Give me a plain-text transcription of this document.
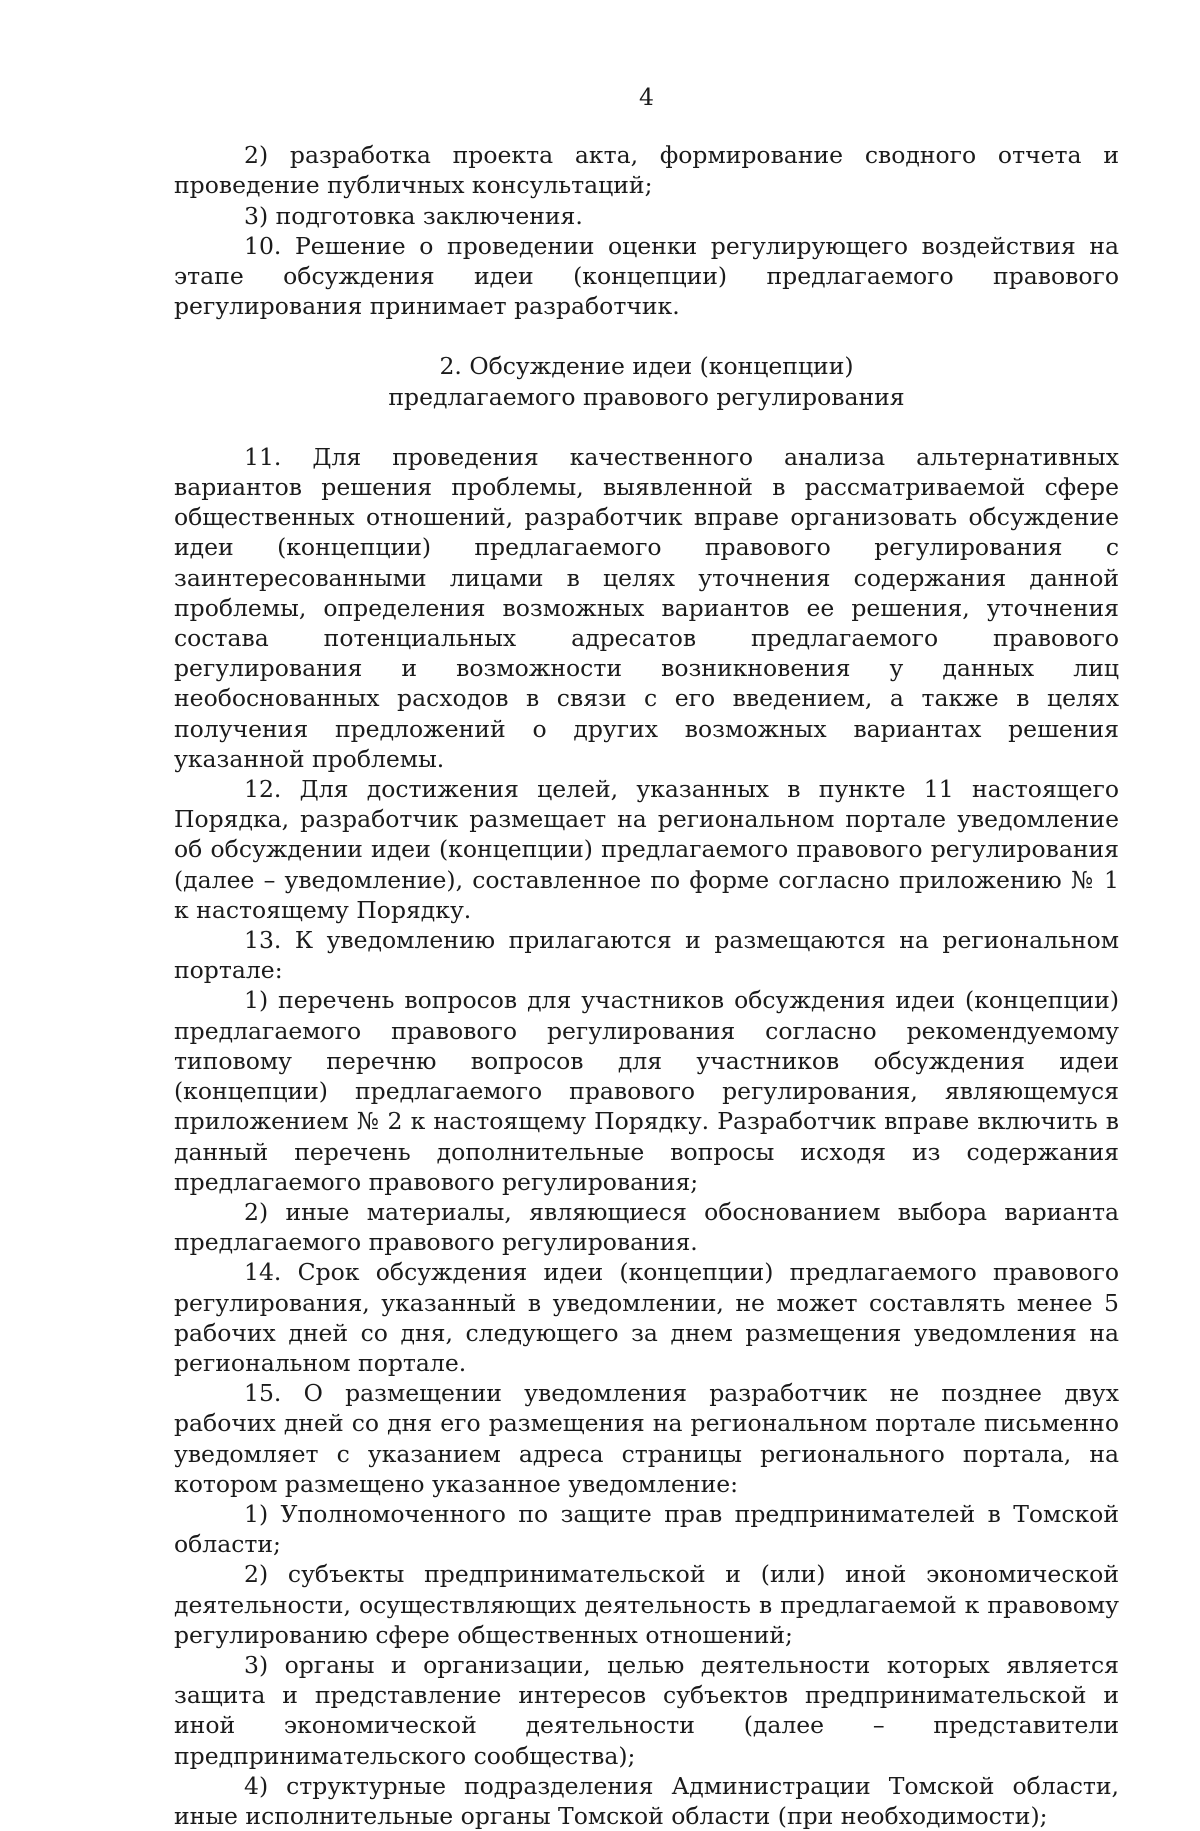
4

2) разработка проекта акта, формирование сводного отчета и проведение публичных консультаций;

3) подготовка заключения.

10. Решение о проведении оценки регулирующего воздействия на этапе обсуждения идеи (концепции) предлагаемого правового регулирования принимает разработчик.

2. Обсуждение идеи (концепции)
предлагаемого правового регулирования

11. Для проведения качественного анализа альтернативных вариантов решения проблемы, выявленной в рассматриваемой сфере общественных отношений, разработчик вправе организовать обсуждение идеи (концепции) предлагаемого правового регулирования с заинтересованными лицами в целях уточнения содержания данной проблемы, определения возможных вариантов ее решения, уточнения состава потенциальных адресатов предлагаемого правового регулирования и возможности возникновения у данных лиц необоснованных расходов в связи с его введением, а также в целях получения предложений о других возможных вариантах решения указанной проблемы.

12. Для достижения целей, указанных в пункте 11 настоящего Порядка, разработчик размещает на региональном портале уведомление об обсуждении идеи (концепции) предлагаемого правового регулирования (далее – уведомление), составленное по форме согласно приложению № 1 к настоящему Порядку.

13. К уведомлению прилагаются и размещаются на региональном портале:

1) перечень вопросов для участников обсуждения идеи (концепции) предлагаемого правового регулирования согласно рекомендуемому типовому перечню вопросов для участников обсуждения идеи (концепции) предлагаемого правового регулирования, являющемуся приложением № 2 к настоящему Порядку. Разработчик вправе включить в данный перечень дополнительные вопросы исходя из содержания предлагаемого правового регулирования;

2) иные материалы, являющиеся обоснованием выбора варианта предлагаемого правового регулирования.

14. Срок обсуждения идеи (концепции) предлагаемого правового регулирования, указанный в уведомлении, не может составлять менее 5 рабочих дней со дня, следующего за днем размещения уведомления на региональном портале.

15. О размещении уведомления разработчик не позднее двух рабочих дней со дня его размещения на региональном портале письменно уведомляет с указанием адреса страницы регионального портала, на котором размещено указанное уведомление:

1) Уполномоченного по защите прав предпринимателей в Томской области;

2) субъекты предпринимательской и (или) иной экономической деятельности, осуществляющих деятельность в предлагаемой к правовому регулированию сфере общественных отношений;

3) органы и организации, целью деятельности которых является защита и представление интересов субъектов предпринимательской и иной экономической деятельности (далее – представители предпринимательского сообщества);

4) структурные подразделения Администрации Томской области, иные исполнительные органы Томской области (при необходимости);
